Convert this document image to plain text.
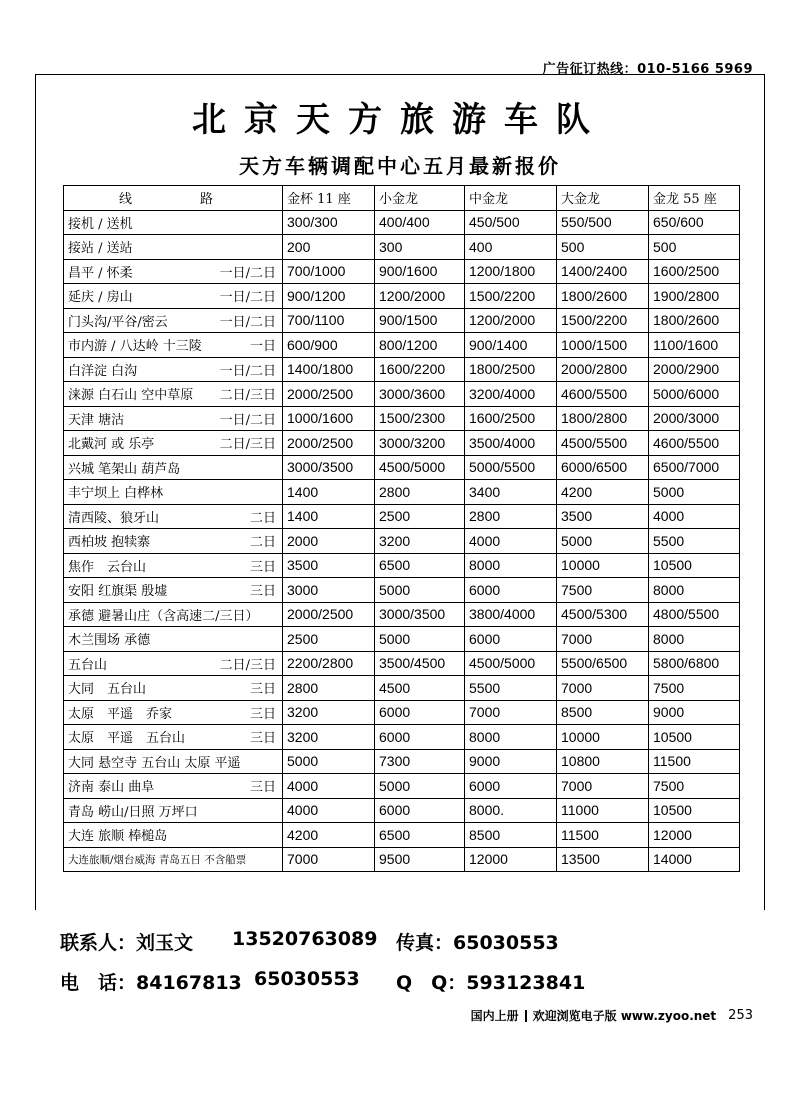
广告征订热线：010-5166 5969
北京天方旅游车队
天方车辆调配中心五月最新报价
线　　路	金杯 11 座	小金龙	中金龙	大金龙	金龙 55 座

接机 / 送机	300/300	400/400	450/500	550/500	650/600

接站 / 送站	200	300	400	500	500

昌平 / 怀柔 一日/二日	700/1000	900/1600	1200/1800	1400/2400	1600/2500

延庆 / 房山 一日/二日	900/1200	1200/2000	1500/2200	1800/2600	1900/2800

门头沟/平谷/密云 一日/二日	700/1100	900/1500	1200/2000	1500/2200	1800/2600

市内游 / 八达岭 十三陵 一日	600/900	800/1200	900/1400	1000/1500	1100/1600

白洋淀 白沟 一日/二日	1400/1800	1600/2200	1800/2500	2000/2800	2000/2900

涞源 白石山 空中草原 二日/三日	2000/2500	3000/3600	3200/4000	4600/5500	5000/6000

天津 塘沽 一日/二日	1000/1600	1500/2300	1600/2500	1800/2800	2000/3000

北戴河 或 乐亭 二日/三日	2000/2500	3000/3200	3500/4000	4500/5500	4600/5500

兴城 笔架山 葫芦岛	3000/3500	4500/5000	5000/5500	6000/6500	6500/7000

丰宁坝上 白桦林	1400	2800	3400	4200	5000

清西陵、狼牙山 二日	1400	2500	2800	3500	4000

西柏坡 抱犊寨 二日	2000	3200	4000	5000	5500

焦作　云台山 三日	3500	6500	8000	10000	10500

安阳 红旗渠 殷墟 三日	3000	5000	6000	7500	8000

承德 避暑山庄（含高速二/三日）	2000/2500	3000/3500	3800/4000	4500/5300	4800/5500

木兰围场 承德	2500	5000	6000	7000	8000

五台山 二日/三日	2200/2800	3500/4500	4500/5000	5500/6500	5800/6800

大同　五台山 三日	2800	4500	5500	7000	7500

太原　平遥　乔家 三日	3200	6000	7000	8500	9000

太原　平遥　五台山 三日	3200	6000	8000	10000	10500

大同 悬空寺 五台山 太原 平遥	5000	7300	9000	10800	11500

济南 泰山 曲阜 三日	4000	5000	6000	7000	7500

青岛 崂山/日照 万坪口	4000	6000	8000.	11000	10500

大连 旅顺 棒槌岛	4200	6500	8500	11500	12000

大连旅顺/烟台威海 青岛五日 不含船票	7000	9500	12000	13500	14000
联系人：刘玉文 13520763089 传真：65030553
电　话：84167813 65030553 Q　Q：593123841
国内上册 欢迎浏览电子版 www.zyoo.net 253
